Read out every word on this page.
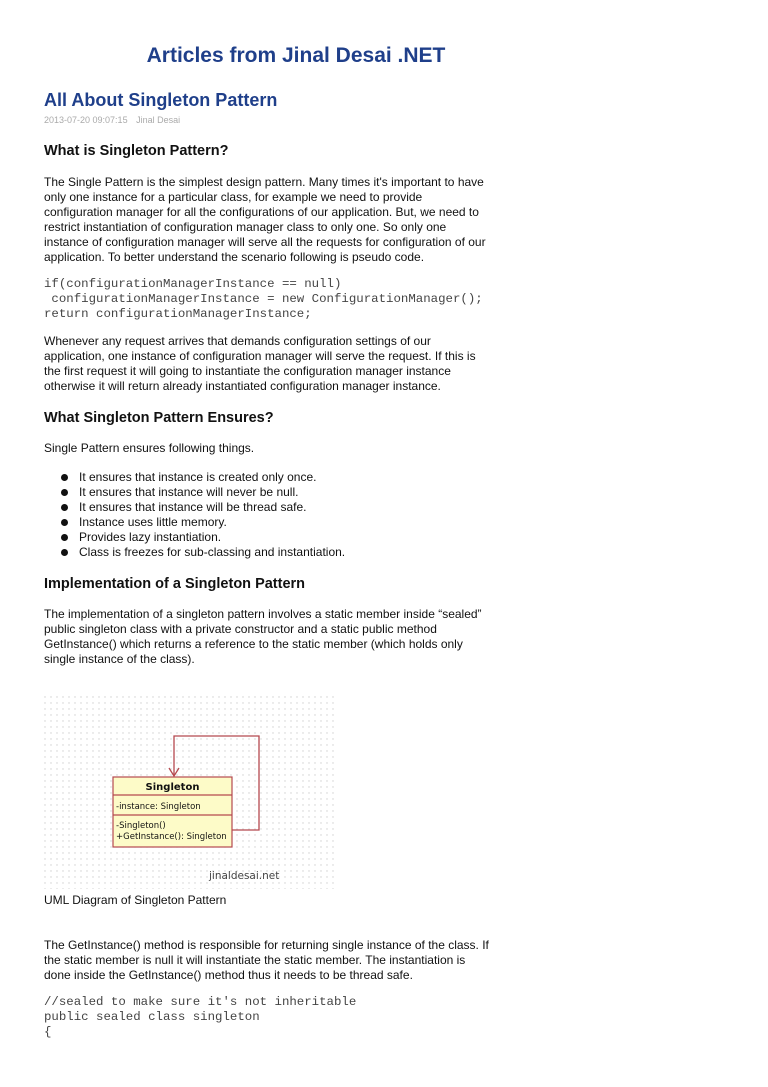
Articles from Jinal Desai .NET
All About Singleton Pattern
2013-07-20 09:07:15 Jinal Desai
What is Singleton Pattern?

The Single Pattern is the simplest design pattern. Many times it's important to have
only one instance for a particular class, for example we need to provide
configuration manager for all the configurations of our application. But, we need to
restrict instantiation of configuration manager class to only one. So only one
instance of configuration manager will serve all the requests for configuration of our
application. To better understand the scenario following is pseudo code.

if(configurationManagerInstance == null)
configurationManagerInstance = new ConfigurationManager();
return configurationManagerInstance;

Whenever any request arrives that demands configuration settings of our
application, one instance of configuration manager will serve the request. If this is
the first request it will going to instantiate the configuration manager instance
otherwise it will return already instantiated configuration manager instance.

What Singleton Pattern Ensures?

Single Pattern ensures following things.

It ensures that instance is created only once.
It ensures that instance will never be null.
It ensures that instance will be thread safe.
Instance uses little memory.
Provides lazy instantiation.
Class is freezes for sub-classing and instantiation.
Implementation of a Singleton Pattern

The implementation of a singleton pattern involves a static member inside “sealed”
public singleton class with a private constructor and a static public method
GetInstance() which returns a reference to the static member (which holds only
single instance of the class).

Singleton
-instance: Singleton
-Singleton()
+GetInstance(): Singleton
jinaldesai.net

UML Diagram of Singleton Pattern

The GetInstance() method is responsible for returning single instance of the class. If
the static member is null it will instantiate the static member. The instantiation is
done inside the GetInstance() method thus it needs to be thread safe.

//sealed to make sure it's not inheritable
public sealed class singleton
{
